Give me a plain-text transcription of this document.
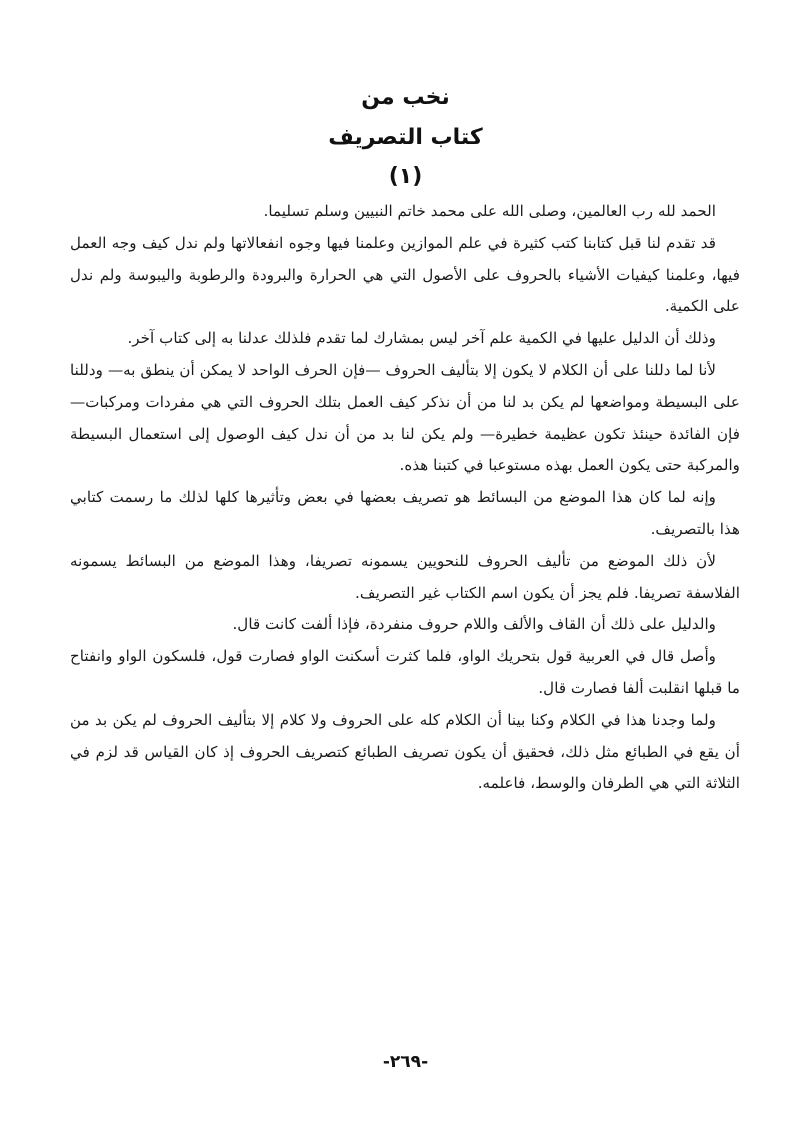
نخب من
كتاب التصريف
(١)

الحمد لله رب العالمين، وصلى الله على محمد خاتم النبيين وسلم تسليما.

قد تقدم لنا قبل كتابنا كتب كثيرة في علم الموازين وعلمنا فيها وجوه انفعالاتها ولم ندل كيف وجه العمل فيها، وعلمنا كيفيات الأشياء بالحروف على الأصول التي هي الحرارة والبرودة والرطوبة واليبوسة ولم ندل على الكمية.

وذلك أن الدليل عليها في الكمية علم آخر ليس بمشارك لما تقدم فلذلك عدلنا به إلى كتاب آخر.

لأنا لما دللنا على أن الكلام لا يكون إلا بتأليف الحروف —فإن الحرف الواحد لا يمكن أن ينطق به— ودللنا على البسيطة ومواضعها لم يكن بد لنا من أن نذكر كيف العمل بتلك الحروف التي هي مفردات ومركبات— فإن الفائدة حينئذ تكون عظيمة خطيرة— ولم يكن لنا بد من أن ندل كيف الوصول إلى استعمال البسيطة والمركبة حتى يكون العمل بهذه مستوعبا في كتبنا هذه.

وإنه لما كان هذا الموضع من البسائط هو تصريف بعضها في بعض وتأثيرها كلها لذلك ما رسمت كتابي هذا بالتصريف.

لأن ذلك الموضع من تأليف الحروف للنحويين يسمونه تصريفا، وهذا الموضع من البسائط يسمونه الفلاسفة تصريفا. فلم يجز أن يكون اسم الكتاب غير التصريف.

والدليل على ذلك أن القاف والألف واللام حروف منفردة، فإذا ألفت كانت قال.

وأصل قال في العربية قول بتحريك الواو، فلما كثرت أسكنت الواو فصارت قول، فلسكون الواو وانفتاح ما قبلها انقلبت ألفا فصارت قال.

ولما وجدنا هذا في الكلام وكنا بينا أن الكلام كله على الحروف ولا كلام إلا بتأليف الحروف لم يكن بد من أن يقع في الطبائع مثل ذلك، فحقيق أن يكون تصريف الطبائع كتصريف الحروف إذ كان القياس قد لزم في الثلاثة التي هي الطرفان والوسط، فاعلمه.

-٢٦٩-
